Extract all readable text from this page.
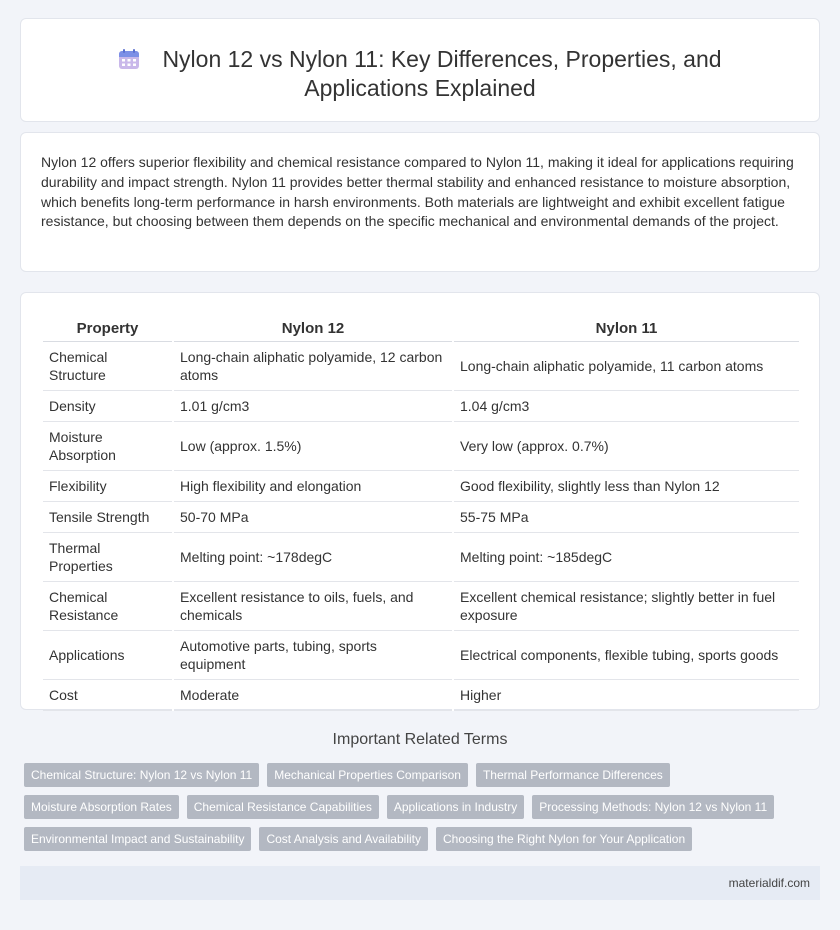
Nylon 12 vs Nylon 11: Key Differences, Properties, and
Applications Explained

Nylon 12 offers superior flexibility and chemical resistance compared to Nylon 11, making it ideal for applications requiring durability and impact strength. Nylon 11 provides better thermal stability and enhanced resistance to moisture absorption, which benefits long-term performance in harsh environments. Both materials are lightweight and exhibit excellent fatigue resistance, but choosing between them depends on the specific mechanical and environmental demands of the project.

Property	Nylon 12	Nylon 11
Chemical Structure	Long-chain aliphatic polyamide, 12 carbon atoms	Long-chain aliphatic polyamide, 11 carbon atoms
Density	1.01 g/cm3	1.04 g/cm3
Moisture Absorption	Low (approx. 1.5%)	Very low (approx. 0.7%)
Flexibility	High flexibility and elongation	Good flexibility, slightly less than Nylon 12
Tensile Strength	50-70 MPa	55-75 MPa
Thermal Properties	Melting point: ~178degC	Melting point: ~185degC
Chemical Resistance	Excellent resistance to oils, fuels, and chemicals	Excellent chemical resistance; slightly better in fuel exposure
Applications	Automotive parts, tubing, sports equipment	Electrical components, flexible tubing, sports goods
Cost	Moderate	Higher
Important Related Terms
Chemical Structure: Nylon 12 vs Nylon 11	Mechanical Properties Comparison	Thermal Performance Differences
Moisture Absorption Rates	Chemical Resistance Capabilities	Applications in Industry	Processing Methods: Nylon 12 vs Nylon 11
Environmental Impact and Sustainability	Cost Analysis and Availability	Choosing the Right Nylon for Your Application
materialdif.com
